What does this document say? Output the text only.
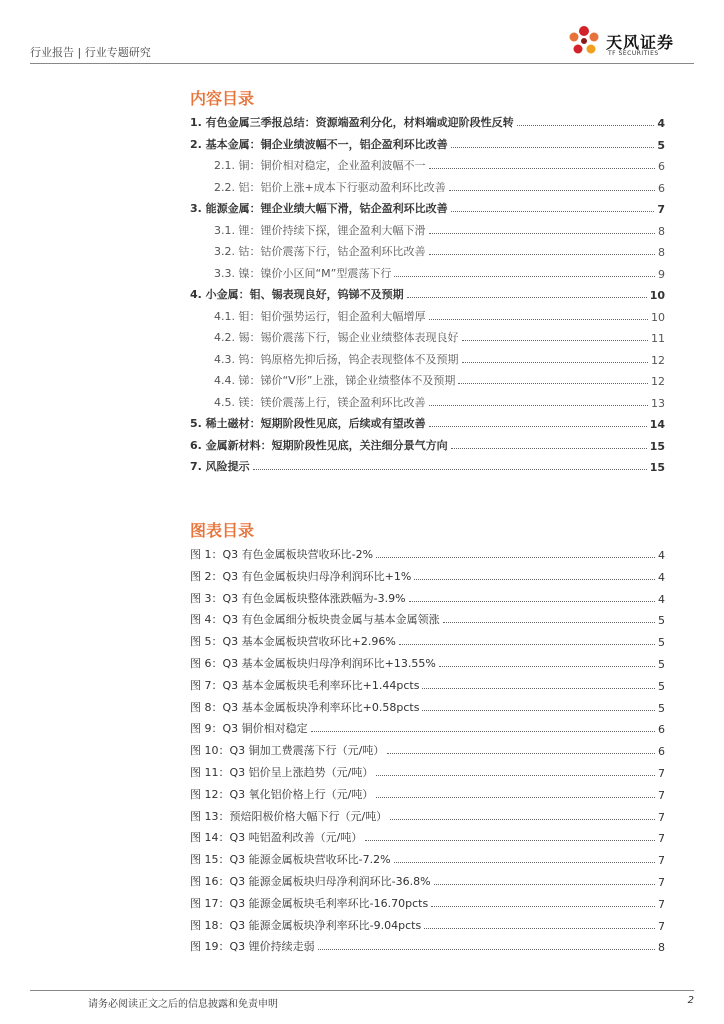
行业报告 | 行业专题研究
天风证券
TF SECURITIES
内容目录
1. 有色金属三季报总结：资源端盈利分化，材料端或迎阶段性反转	4
2. 基本金属：铜企业绩波幅不一，铝企盈利环比改善	5
2.1. 铜：铜价相对稳定，企业盈利波幅不一	6
2.2. 铝：铝价上涨+成本下行驱动盈利环比改善	6
3. 能源金属：锂企业绩大幅下滑，钴企盈利环比改善	7
3.1. 锂：锂价持续下探，锂企盈利大幅下滑	8
3.2. 钴：钴价震荡下行，钴企盈利环比改善	8
3.3. 镍：镍价小区间“M”型震荡下行	9
4. 小金属：钼、锡表现良好，钨锑不及预期	10
4.1. 钼：钼价强势运行，钼企盈利大幅增厚	10
4.2. 锡：锡价震荡下行，锡企业业绩整体表现良好	11
4.3. 钨：钨原格先抑后扬，钨企表现整体不及预期	12
4.4. 锑：锑价“V形”上涨，锑企业绩整体不及预期	12
4.5. 镁：镁价震荡上行，镁企盈利环比改善	13
5. 稀土磁材：短期阶段性见底，后续或有望改善	14
6. 金属新材料：短期阶段性见底，关注细分景气方向	15
7. 风险提示	15
图表目录
图 1：Q3 有色金属板块营收环比-2%	4
图 2：Q3 有色金属板块归母净利润环比+1%	4
图 3：Q3 有色金属板块整体涨跌幅为-3.9%	4
图 4：Q3 有色金属细分板块贵金属与基本金属领涨	5
图 5：Q3 基本金属板块营收环比+2.96%	5
图 6：Q3 基本金属板块归母净利润环比+13.55%	5
图 7：Q3 基本金属板块毛利率环比+1.44pcts	5
图 8：Q3 基本金属板块净利率环比+0.58pcts	5
图 9：Q3 铜价相对稳定	6
图 10：Q3 铜加工费震荡下行（元/吨）	6
图 11：Q3 铝价呈上涨趋势（元/吨）	7
图 12：Q3 氧化铝价格上行（元/吨）	7
图 13：预焙阳极价格大幅下行（元/吨）	7
图 14：Q3 吨铝盈利改善（元/吨）	7
图 15：Q3 能源金属板块营收环比-7.2%	7
图 16：Q3 能源金属板块归母净利润环比-36.8%	7
图 17：Q3 能源金属板块毛利率环比-16.70pcts	7
图 18：Q3 能源金属板块净利率环比-9.04pcts	7
图 19：Q3 锂价持续走弱	8
请务必阅读正文之后的信息披露和免责申明	2
